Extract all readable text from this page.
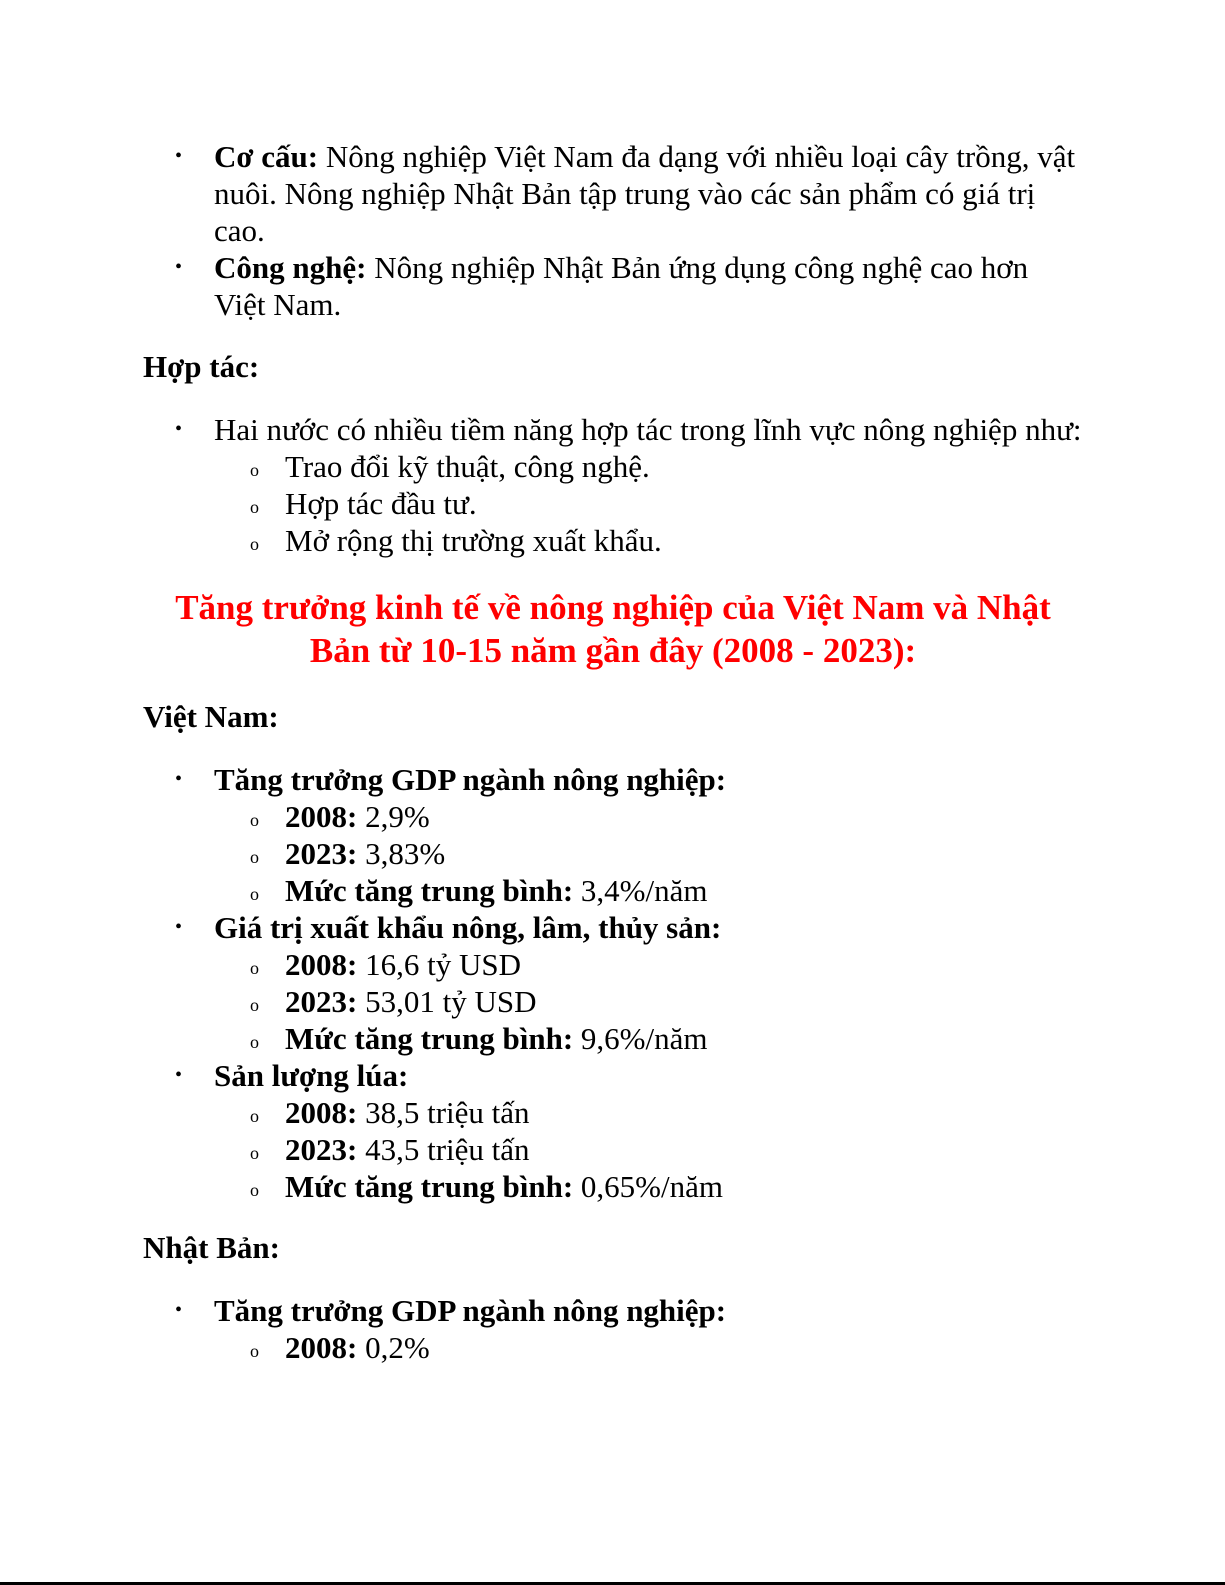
• Cơ cấu: Nông nghiệp Việt Nam đa dạng với nhiều loại cây trồng, vật nuôi. Nông nghiệp Nhật Bản tập trung vào các sản phẩm có giá trị cao.
• Công nghệ: Nông nghiệp Nhật Bản ứng dụng công nghệ cao hơn Việt Nam.

Hợp tác:

• Hai nước có nhiều tiềm năng hợp tác trong lĩnh vực nông nghiệp như:
o Trao đổi kỹ thuật, công nghệ.
o Hợp tác đầu tư.
o Mở rộng thị trường xuất khẩu.
Tăng trưởng kinh tế về nông nghiệp của Việt Nam và Nhật Bản từ 10-15 năm gần đây (2008 - 2023):

Việt Nam:

• Tăng trưởng GDP ngành nông nghiệp:
o 2008: 2,9%
o 2023: 3,83%
o Mức tăng trung bình: 3,4%/năm
• Giá trị xuất khẩu nông, lâm, thủy sản:
o 2008: 16,6 tỷ USD
o 2023: 53,01 tỷ USD
o Mức tăng trung bình: 9,6%/năm
• Sản lượng lúa:
o 2008: 38,5 triệu tấn
o 2023: 43,5 triệu tấn
o Mức tăng trung bình: 0,65%/năm

Nhật Bản:

• Tăng trưởng GDP ngành nông nghiệp:
o 2008: 0,2%
